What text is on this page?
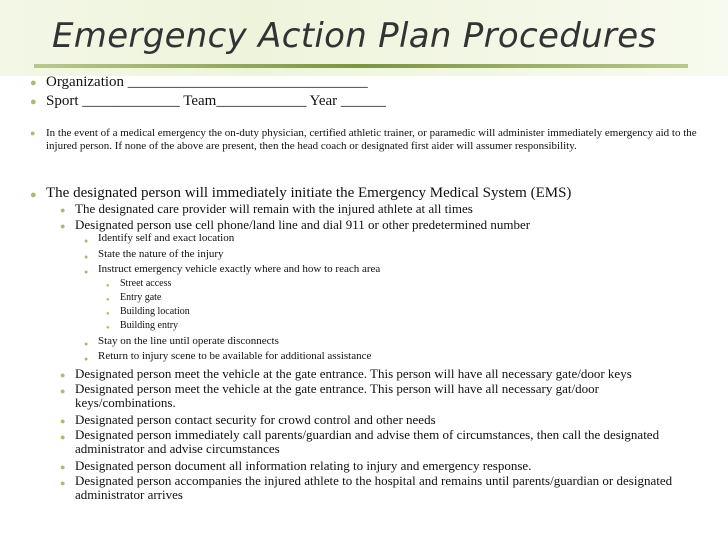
Emergency Action Plan Procedures
● Organization ________________________________
● Sport _____________ Team____________ Year ______
● In the event of a medical emergency the on-duty physician, certified athletic trainer, or paramedic will administer immediately emergency aid to the injured person. If none of the above are present, then the head coach or designated first aider will assumer responsibility.
● The designated person will immediately initiate the Emergency Medical System (EMS)
● The designated care provider will remain with the injured athlete at all times
● Designated person use cell phone/land line and dial 911 or other predetermined number
● Identify self and exact location
● State the nature of the injury
● Instruct emergency vehicle exactly where and how to reach area
● Street access
● Entry gate
● Building location
● Building entry
● Stay on the line until operate disconnects
● Return to injury scene to be available for additional assistance
● Designated person meet the vehicle at the gate entrance. This person will have all necessary gate/door keys
● Designated person meet the vehicle at the gate entrance. This person will have all necessary gat/door keys/combinations.
● Designated person contact security for crowd control and other needs
● Designated person immediately call parents/guardian and advise them of circumstances, then call the designated administrator and advise circumstances
● Designated person document all information relating to injury and emergency response.
● Designated person accompanies the injured athlete to the hospital and remains until parents/guardian or designated administrator arrives
